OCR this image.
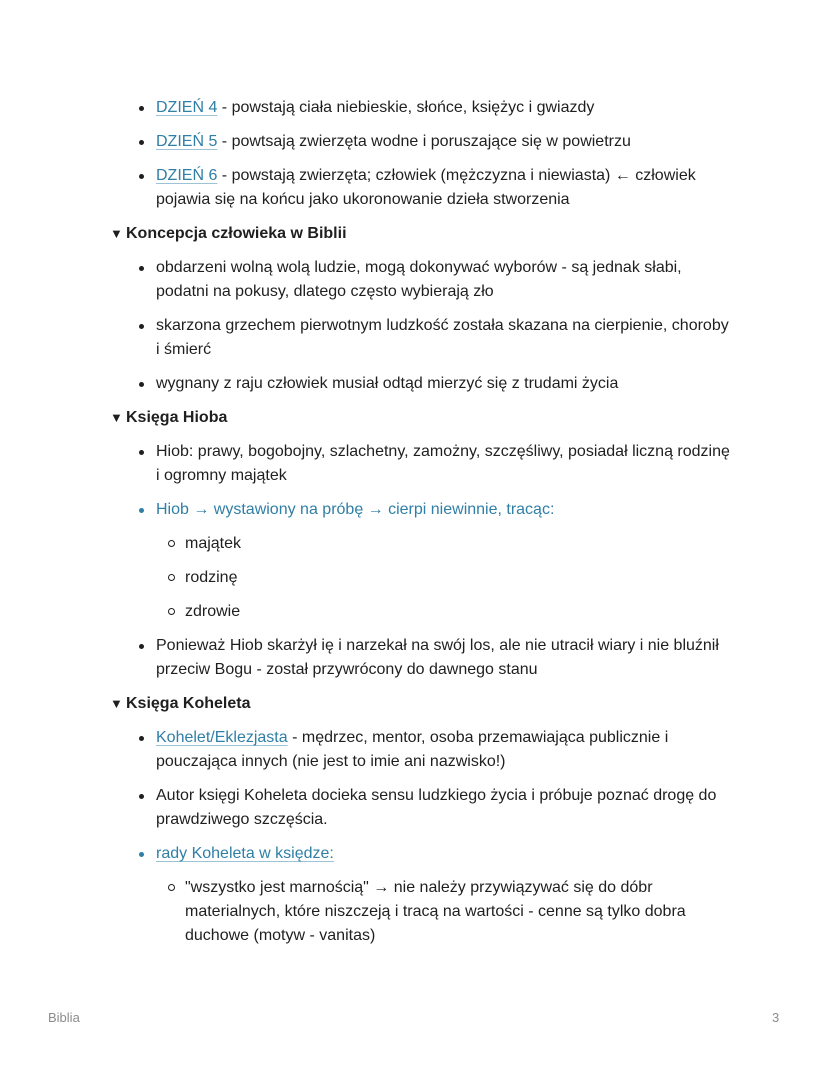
DZIEŃ 4 - powstają ciała niebieskie, słońce, księżyc i gwiazdy
DZIEŃ 5 - powtsają zwierzęta wodne i poruszające się w powietrzu
DZIEŃ 6 - powstają zwierzęta; człowiek (mężczyzna i niewiasta) ← człowiek pojawia się na końcu jako ukoronowanie dzieła stworzenia
▼ Koncepcja człowieka w Biblii
obdarzeni wolną wolą ludzie, mogą dokonywać wyborów - są jednak słabi, podatni na pokusy, dlatego często wybierają zło
skarzona grzechem pierwotnym ludzkość została skazana na cierpienie, choroby i śmierć
wygnany z raju człowiek musiał odtąd mierzyć się z trudami życia
▼ Księga Hioba
Hiob: prawy, bogobojny, szlachetny, zamożny, szczęśliwy, posiadał liczną rodzinę i ogromny majątek
Hiob → wystawiony na próbę → cierpi niewinnie, tracąc:
majątek
rodzinę
zdrowie
Ponieważ Hiob skarżył ię i narzekał na swój los, ale nie utracił wiary i nie bluźnił przeciw Bogu - został przywrócony do dawnego stanu
▼ Księga Koheleta
Kohelet/Eklezjasta - mędrzec, mentor, osoba przemawiająca publicznie i pouczająca innych (nie jest to imie ani nazwisko!)
Autor księgi Koheleta docieka sensu ludzkiego życia i próbuje poznać drogę do prawdziwego szczęścia.
rady Koheleta w księdze:
"wszystko jest marnością" → nie należy przywiązywać się do dóbr materialnych, które niszczeją i tracą na wartości - cenne są tylko dobra duchowe (motyw - vanitas)
Biblia	3
